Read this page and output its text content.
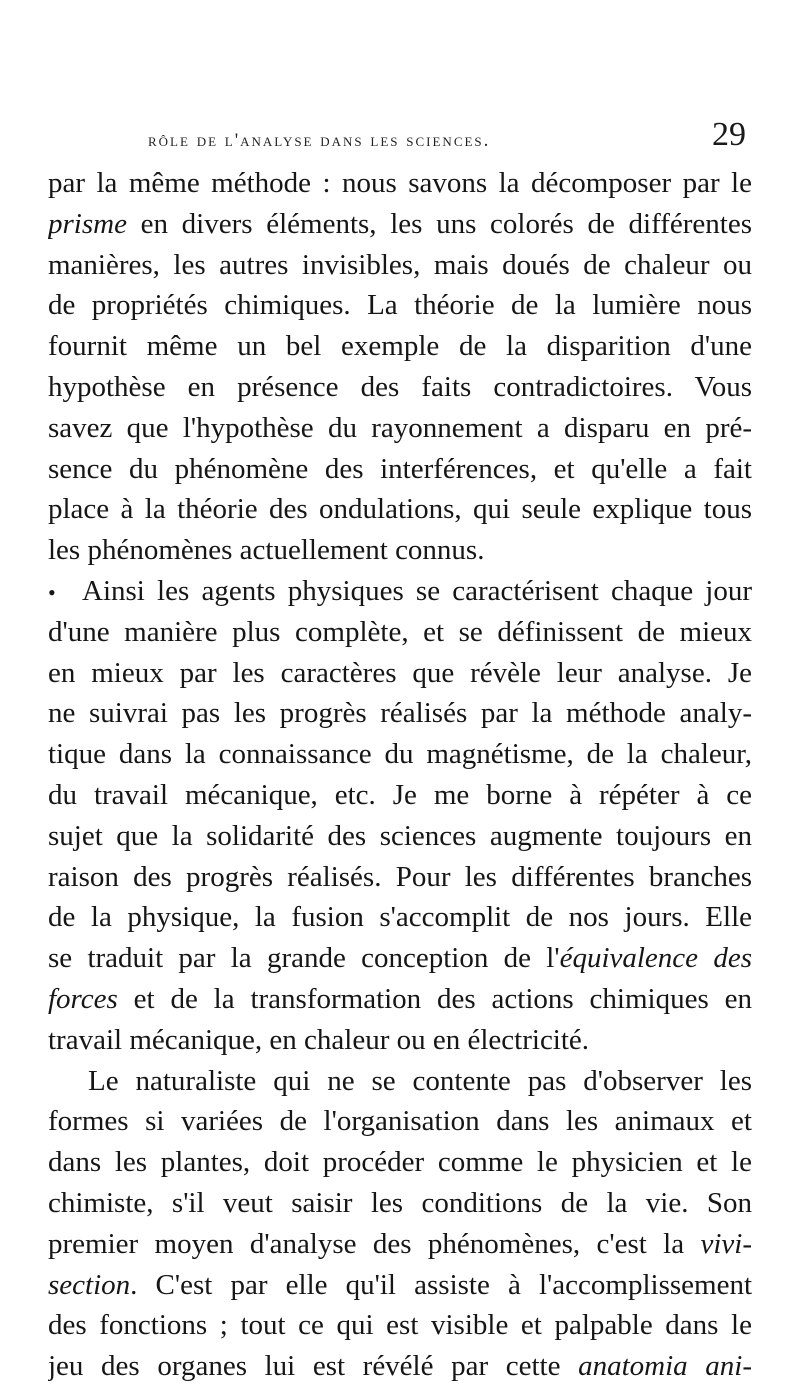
rôle de l'analyse dans les sciences.	29
par la même méthode : nous savons la décomposer par le
prisme en divers éléments, les uns colorés de différentes
manières, les autres invisibles, mais doués de chaleur ou
de propriétés chimiques. La théorie de la lumière nous
fournit même un bel exemple de la disparition d'une
hypothèse en présence des faits contradictoires. Vous
savez que l'hypothèse du rayonnement a disparu en pré-
sence du phénomène des interférences, et qu'elle a fait
place à la théorie des ondulations, qui seule explique tous
les phénomènes actuellement connus.
• Ainsi les agents physiques se caractérisent chaque jour
d'une manière plus complète, et se définissent de mieux
en mieux par les caractères que révèle leur analyse. Je
ne suivrai pas les progrès réalisés par la méthode analy-
tique dans la connaissance du magnétisme, de la chaleur,
du travail mécanique, etc. Je me borne à répéter à ce
sujet que la solidarité des sciences augmente toujours en
raison des progrès réalisés. Pour les différentes branches
de la physique, la fusion s'accomplit de nos jours. Elle
se traduit par la grande conception de l'équivalence des
forces et de la transformation des actions chimiques en
travail mécanique, en chaleur ou en électricité.
Le naturaliste qui ne se contente pas d'observer les
formes si variées de l'organisation dans les animaux et
dans les plantes, doit procéder comme le physicien et le
chimiste, s'il veut saisir les conditions de la vie. Son
premier moyen d'analyse des phénomènes, c'est la vivi-
section. C'est par elle qu'il assiste à l'accomplissement
des fonctions ; tout ce qui est visible et palpable dans le
jeu des organes lui est révélé par cette anatomia ani-
